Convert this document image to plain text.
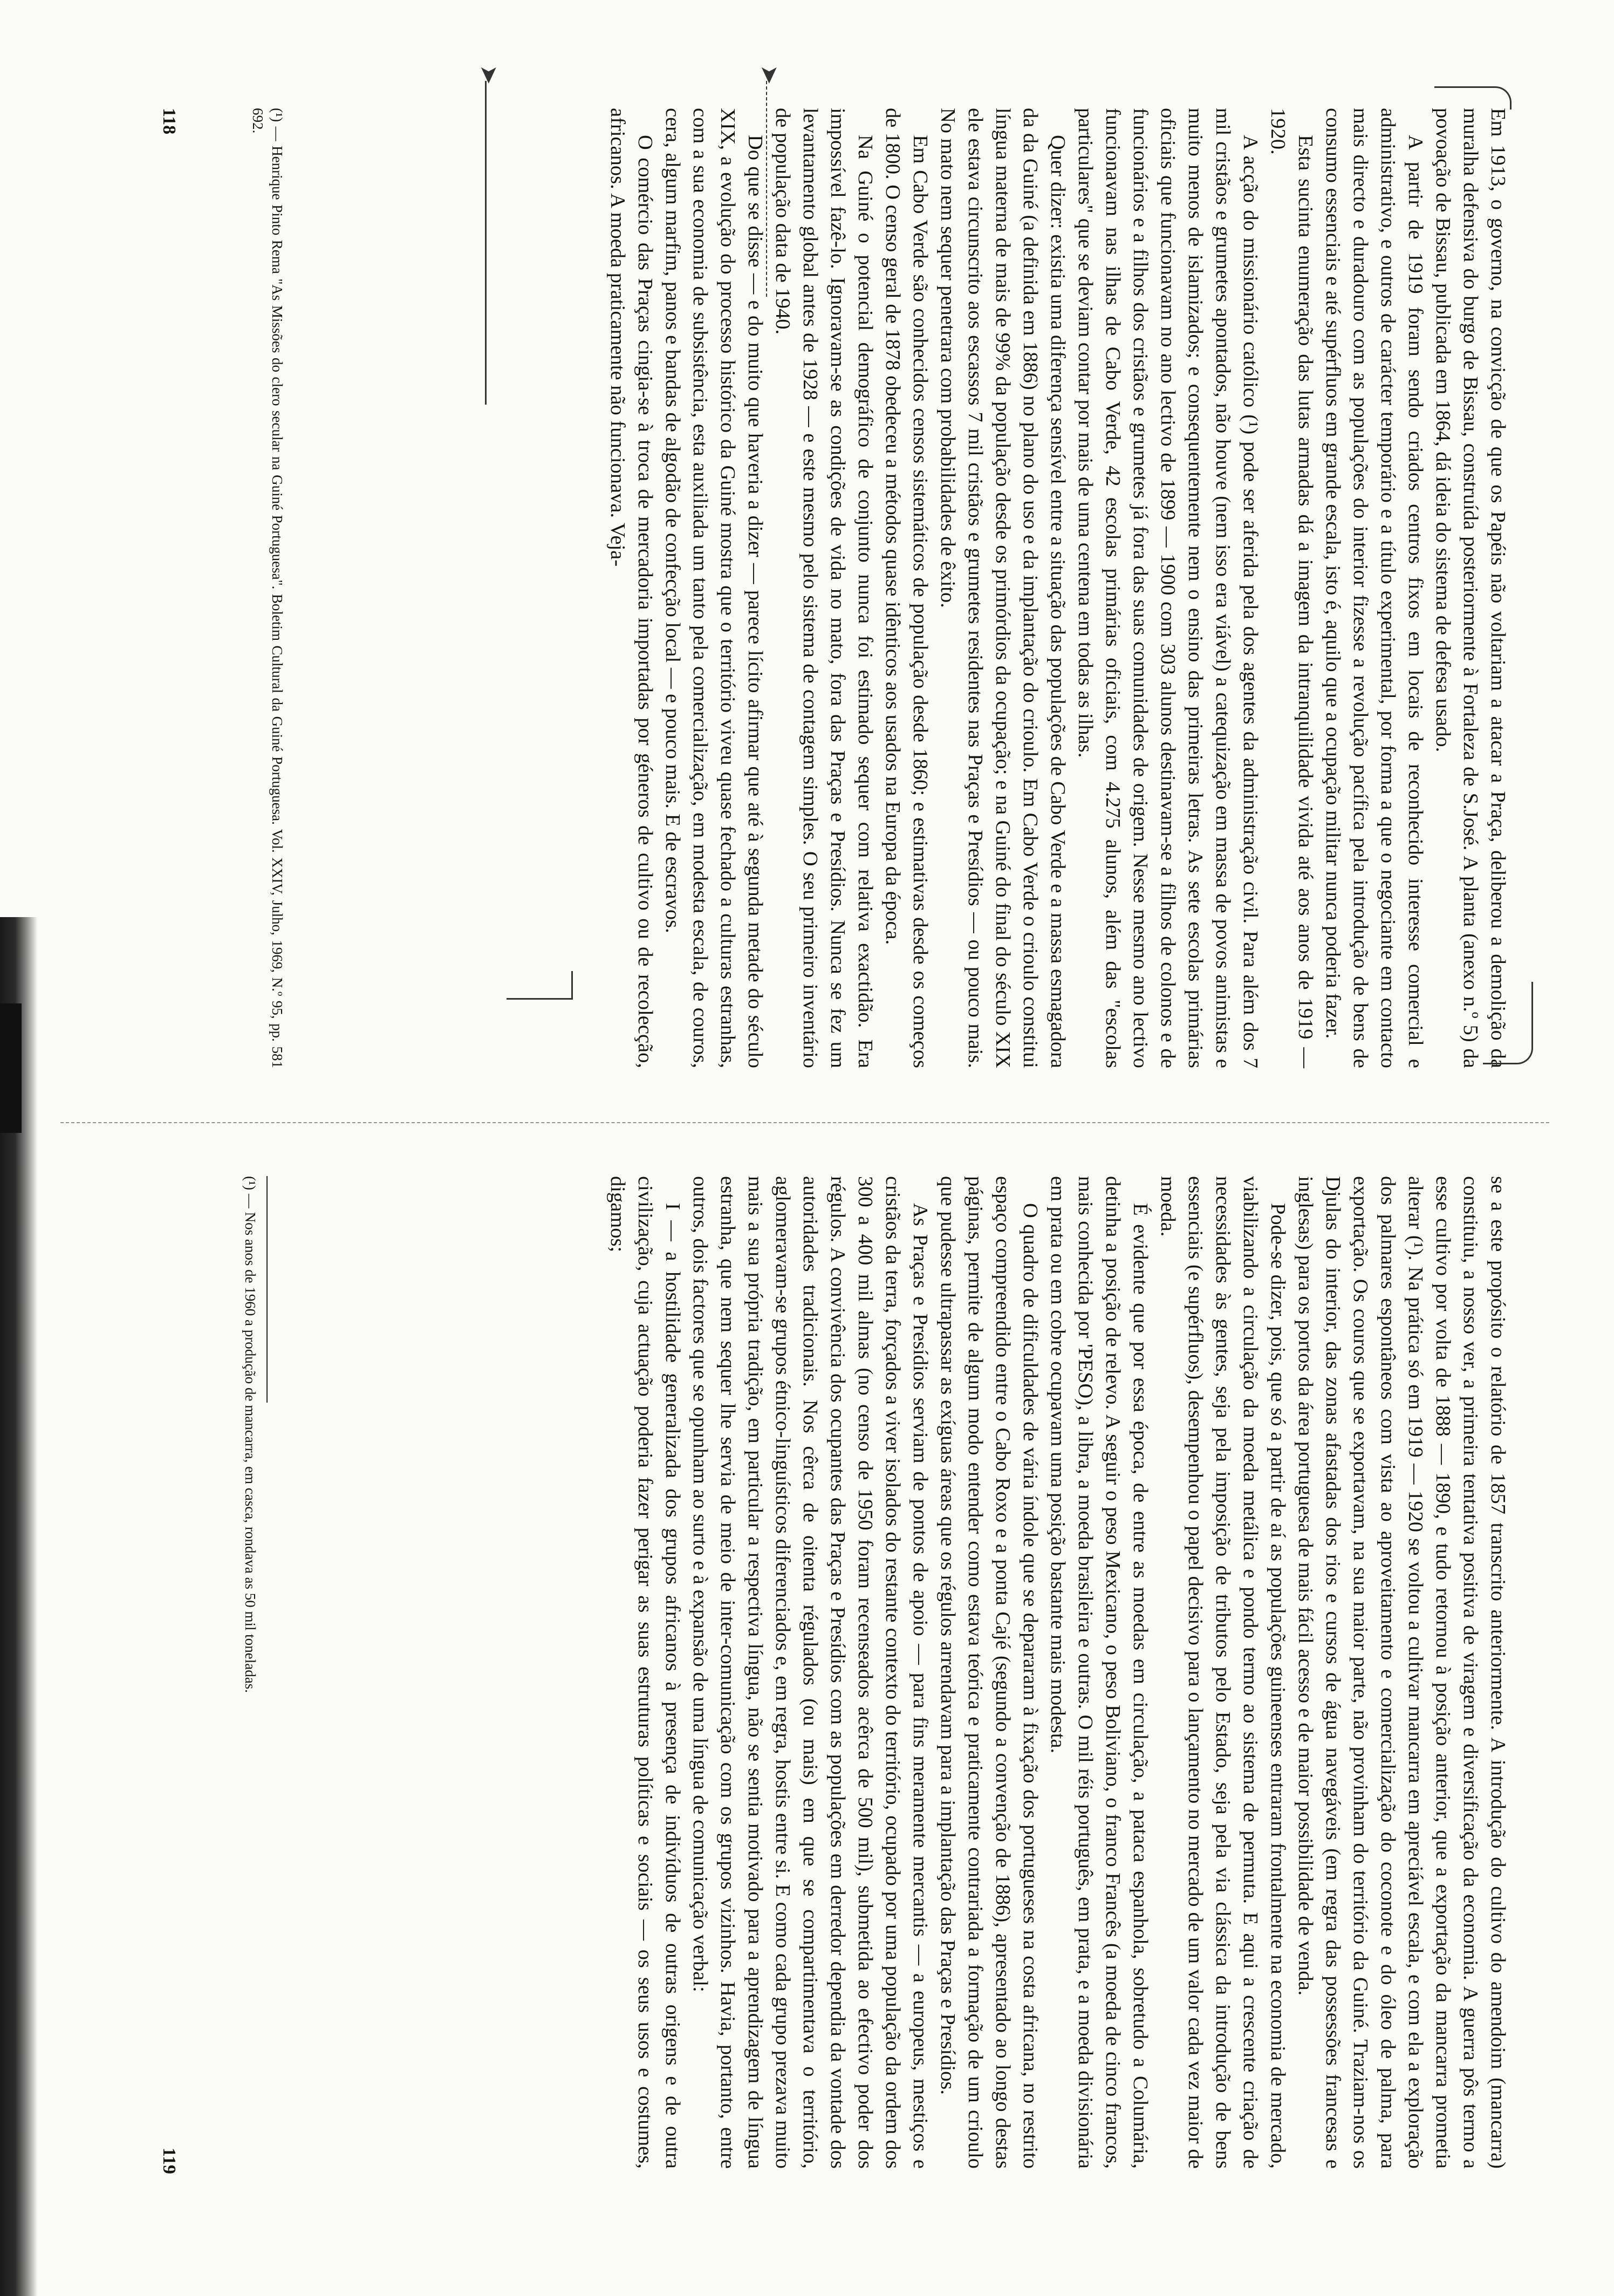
Em 1913, o governo, na convicção de que os Papéis não voltariam a atacar a Praça, deliberou a demolição da muralha defensiva do burgo de Bissau, construída posteriormente à Fortaleza de S.José. A planta (anexo n.º 5) da povoação de Bissau, publicada em 1864, dá ideia do sistema de defesa usado.

A partir de 1919 foram sendo criados centros fixos em locais de reconhecido interesse comercial e administrativo, e outros de carácter temporário e a título experimental, por forma a que o negociante em contacto mais directo e duradouro com as populações do interior fizesse a revolução pacífica pela introdução de bens de consumo essenciais e até supérfluos em grande escala, isto é, aquilo que a ocupação militar nunca poderia fazer.

Esta sucinta enumeração das lutas armadas dá a imagem da intranquilidade vivida até aos anos de 1919 — 1920.

A acção do missionário católico (¹) pode ser aferida pela dos agentes da administração civil. Para além dos 7 mil cristãos e grumetes apontados, não houve (nem isso era viável) a catequização em massa de povos animistas e muito menos de islamizados; e consequentemente nem o ensino das primeiras letras. As sete escolas primárias oficiais que funcionavam no ano lectivo de 1899 — 1900 com 303 alunos destinavam-se a filhos de colonos e de funcionários e a filhos dos cristãos e grumetes já fora das suas comunidades de origem. Nesse mesmo ano lectivo funcionavam nas ilhas de Cabo Verde, 42 escolas primárias oficiais, com 4.275 alunos, além das "escolas particulares" que se deviam contar por mais de uma centena em todas as ilhas.

Quer dizer: existia uma diferença sensível entre a situação das populações de Cabo Verde e a massa esmagadora da da Guiné (a definida em 1886) no plano do uso e da implantação do crioulo. Em Cabo Verde o crioulo constitui língua materna de mais de 99% da população desde os primórdios da ocupação; e na Guiné do final do século XIX ele estava circunscrito aos escassos 7 mil cristãos e grumetes residentes nas Praças e Presídios — ou pouco mais. No mato nem sequer penetrara com probabilidades de êxito.

Em Cabo Verde são conhecidos censos sistemáticos de população desde 1860; e estimativas desde os começos de 1800. O censo geral de 1878 obedeceu a métodos quase idênticos aos usados na Europa da época.

Na Guiné o potencial demográfico de conjunto nunca foi estimado sequer com relativa exactidão. Era impossível fazê-lo. Ignoravam-se as condições de vida no mato, fora das Praças e Presídios. Nunca se fez um levantamento global antes de 1928 — e este mesmo pelo sistema de contagem simples. O seu primeiro inventário de população data de 1940.

Do que se disse — e do muito que haveria a dizer — parece lícito afirmar que até à segunda metade do século XIX, a evolução do processo histórico da Guiné mostra que o território viveu quase fechado a culturas estranhas, com a sua economia de subsistência, esta auxiliada um tanto pela comercialização, em modesta escala, de couros, cera, algum marfim, panos e bandas de algodão de confecção local — e pouco mais. E de escravos.

O comércio das Praças cingia-se à troca de mercadoria importadas por géneros de cultivo ou de recolecção, africanos. A moeda praticamente não funcionava. Veja-

(¹) — Henrique Pinto Rema "As Missões do clero secular na Guiné Portuguesa". Boletim Cultural da Guiné Portuguesa. Vol. XXIV, Julho, 1969, N.º 95, pp. 581 692.
118

se a este propósito o relatório de 1857 transcrito anteriormente. A introdução do cultivo do amendoim (mancarra) constituiu, a nosso ver, a primeira tentativa positiva de viragem e diversificação da economia. A guerra pôs termo a esse cultivo por volta de 1888 — 1890, e tudo retornou à posição anterior, que a exportação da mancarra prometia alterar (¹). Na prática só em 1919 — 1920 se voltou a cultivar mancarra em apreciável escala, e com ela a exploração dos palmares espontâneos com vista ao aproveitamento e comercialização do coconote e do óleo de palma, para exportação. Os couros que se exportavam, na sua maior parte, não provinham do território da Guiné. Traziam-nos os Djulas do interior, das zonas afastadas dos rios e cursos de água navegáveis (em regra das possessões francesas e inglesas) para os portos da área portuguesa de mais fácil acesso e de maior possibilidade de venda.

Pode-se dizer, pois, que só a partir de aí as populações guineenses entraram frontalmente na economia de mercado, viabilizando a circulação da moeda metálica e pondo termo ao sistema de permuta. E aqui a crescente criação de necessidades às gentes, seja pela imposição de tributos pelo Estado, seja pela via clássica da introdução de bens essenciais (e supérfluos), desempenhou o papel decisivo para o lançamento no mercado de um valor cada vez maior de moeda.

É evidente que por essa época, de entre as moedas em circulação, a pataca espanhola, sobretudo a Columária, detinha a posição de relevo. A seguir o peso Mexicano, o peso Boliviano, o franco Francês (a moeda de cinco francos, mais conhecida por 'PESO), a libra, a moeda brasileira e outras. O mil réis português, em prata, e a moeda divisionária em prata ou em cobre ocupavam uma posição bastante mais modesta.

O quadro de dificuldades de vária índole que se depararam à fixação dos portugueses na costa africana, no restrito espaço compreendido entre o Cabo Roxo e a ponta Cajé (segundo a convenção de 1886), apresentado ao longo destas páginas, permite de algum modo entender como estava teórica e praticamente contrariada a formação de um crioulo que pudesse ultrapassar as exíguas áreas que os régulos arrendavam para a implantação das Praças e Presídios.

As Praças e Presídios serviam de pontos de apoio — para fins meramente mercantis — a europeus, mestiços e cristãos da terra, forçados a viver isolados do restante contexto do território, ocupado por uma população da ordem dos 300 a 400 mil almas (no censo de 1950 foram recenseados acêrca de 500 mil), submetida ao efectivo poder dos régulos. A convivência dos ocupantes das Praças e Presídios com as populações em derredor dependia da vontade dos autoridades tradicionais. Nos cêrca de oitenta régulados (ou mais) em que se compartimentava o território, aglomeravam-se grupos étnico-linguísticos diferenciados e, em regra, hostis entre si. E como cada grupo prezava muito mais a sua própria tradição, em particular a respectiva língua, não se sentia motivado para a aprendizagem de língua estranha, que nem sequer lhe servia de meio de inter-comunicação com os grupos vizinhos. Havia, portanto, entre outros, dois factores que se opunham ao surto e à expansão de uma língua de comunicação verbal:

I — a hostilidade generalizada dos grupos africanos à presença de indivíduos de outras origens e de outra civilização, cuja actuação poderia fazer perigar as suas estruturas políticas e sociais — os seus usos e costumes, digamos;

(¹) — Nos anos de 1960 a produção de mancarra, em casca, rondava as 50 mil toneladas.
119
➤
➤
